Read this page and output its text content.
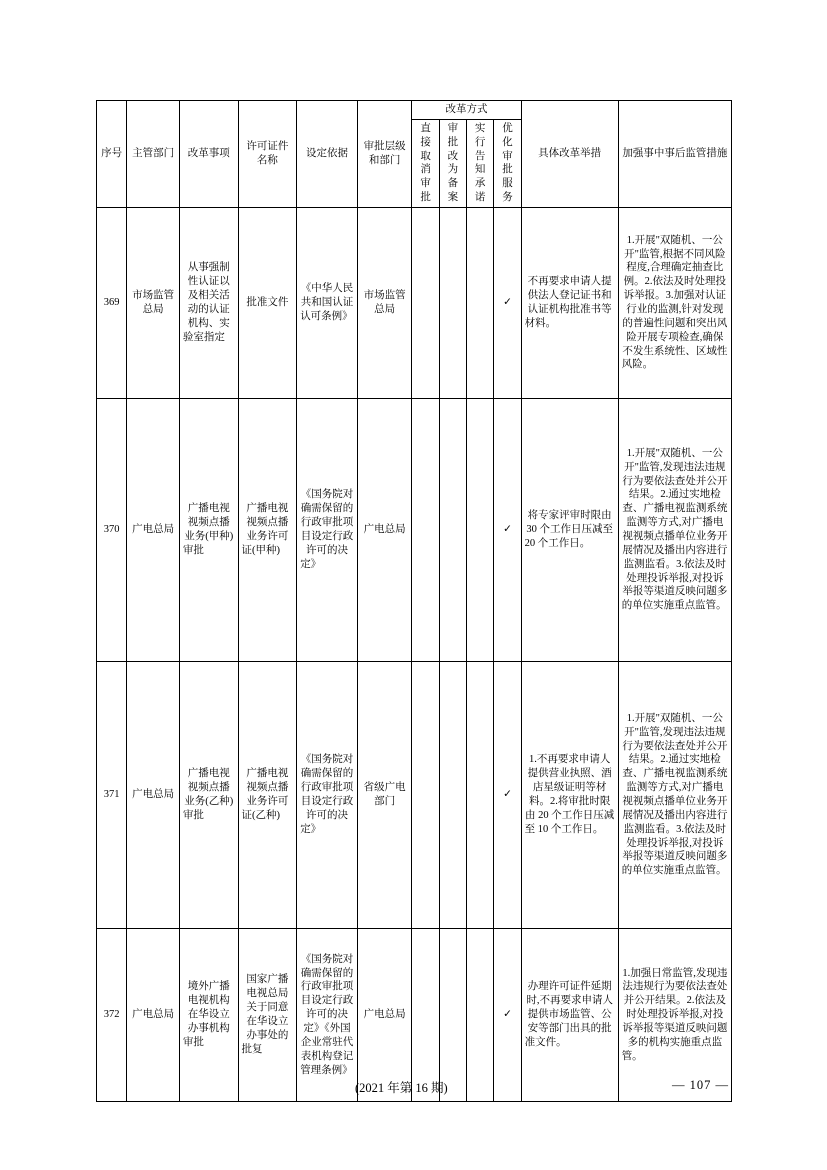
序号	主管部门	改革事项	许可证件名称	设定依据	审批层级和部门	改革方式				具体改革举措	加强事中事后监管措施
						直接取消审批	审批改为备案	实行告知承诺	优化审批服务		
369	市场监管总局	从事强制性认证以及相关活动的认证机构、实验室指定	批准文件	《中华人民共和国认证认可条例》	市场监管总局				✓	不再要求申请人提供法人登记证书和认证机构批准书等材料。	1.开展"双随机、一公开"监管,根据不同风险程度,合理确定抽查比例。2.依法及时处理投诉举报。3.加强对认证行业的监测,针对发现的普遍性问题和突出风险开展专项检查,确保不发生系统性、区域性风险。
370	广电总局	广播电视视频点播业务(甲种)审批	广播电视视频点播业务许可证(甲种)	《国务院对确需保留的行政审批项目设定行政许可的决定》	广电总局				✓	将专家评审时限由 30 个工作日压减至 20 个工作日。	1.开展"双随机、一公开"监管,发现违法违规行为要依法查处并公开结果。2.通过实地检查、广播电视监测系统监测等方式,对广播电视视频点播单位业务开展情况及播出内容进行监测监看。3.依法及时处理投诉举报,对投诉举报等渠道反映问题多的单位实施重点监管。
371	广电总局	广播电视视频点播业务(乙种)审批	广播电视视频点播业务许可证(乙种)	《国务院对确需保留的行政审批项目设定行政许可的决定》	省级广电部门				✓	1.不再要求申请人提供营业执照、酒店星级证明等材料。2.将审批时限由 20 个工作日压减至 10 个工作日。	1.开展"双随机、一公开"监管,发现违法违规行为要依法查处并公开结果。2.通过实地检查、广播电视监测系统监测等方式,对广播电视视频点播单位业务开展情况及播出内容进行监测监看。3.依法及时处理投诉举报,对投诉举报等渠道反映问题多的单位实施重点监管。
372	广电总局	境外广播电视机构在华设立办事机构审批	国家广播电视总局关于同意在华设立办事处的批复	《国务院对确需保留的行政审批项目设定行政许可的决定》《外国企业常驻代表机构登记管理条例》	广电总局				✓	办理许可证件延期时,不再要求申请人提供市场监管、公安等部门出具的批准文件。	1.加强日常监管,发现违法违规行为要依法查处并公开结果。2.依法及时处理投诉举报,对投诉举报等渠道反映问题多的机构实施重点监管。
(2021 年第 16 期)	— 107 —
